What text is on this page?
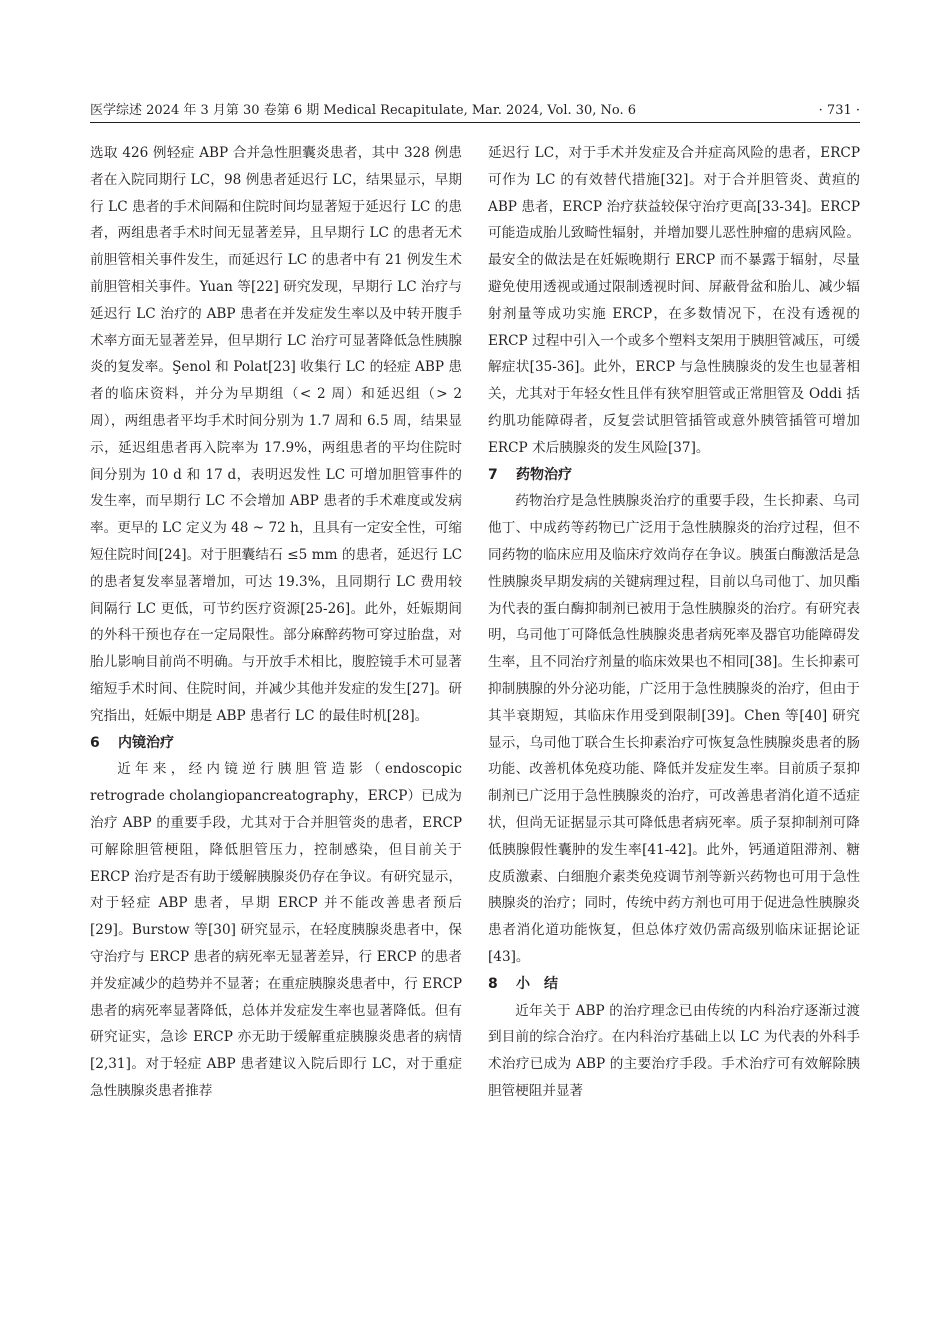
医学综述 2024 年 3 月第 30 卷第 6 期 Medical Recapitulate, Mar. 2024, Vol. 30, No. 6	· 731 ·

选取 426 例轻症 ABP 合并急性胆囊炎患者，其中 328 例患者在入院同期行 LC，98 例患者延迟行 LC，结果显示，早期行 LC 患者的手术间隔和住院时间均显著短于延迟行 LC 的患者，两组患者手术时间无显著差异，且早期行 LC 的患者无术前胆管相关事件发生，而延迟行 LC 的患者中有 21 例发生术前胆管相关事件。Yuan 等[22] 研究发现，早期行 LC 治疗与延迟行 LC 治疗的 ABP 患者在并发症发生率以及中转开腹手术率方面无显著差异，但早期行 LC 治疗可显著降低急性胰腺炎的复发率。Şenol 和 Polat[23] 收集行 LC 的轻症 ABP 患者的临床资料，并分为早期组（< 2 周）和延迟组（> 2 周），两组患者平均手术时间分别为 1.7 周和 6.5 周，结果显示，延迟组患者再入院率为 17.9%，两组患者的平均住院时间分别为 10 d 和 17 d，表明迟发性 LC 可增加胆管事件的发生率，而早期行 LC 不会增加 ABP 患者的手术难度或发病率。更早的 LC 定义为 48 ~ 72 h，且具有一定安全性，可缩短住院时间[24]。对于胆囊结石 ≤5 mm 的患者，延迟行 LC 的患者复发率显著增加，可达 19.3%，且同期行 LC 费用较间隔行 LC 更低，可节约医疗资源[25-26]。此外，妊娠期间的外科干预也存在一定局限性。部分麻醉药物可穿过胎盘，对胎儿影响目前尚不明确。与开放手术相比，腹腔镜手术可显著缩短手术时间、住院时间，并减少其他并发症的发生[27]。研究指出，妊娠中期是 ABP 患者行 LC 的最佳时机[28]。

6 内镜治疗

近年来，经内镜逆行胰胆管造影（endoscopic retrograde cholangiopancreatography，ERCP）已成为治疗 ABP 的重要手段，尤其对于合并胆管炎的患者，ERCP 可解除胆管梗阻，降低胆管压力，控制感染，但目前关于 ERCP 治疗是否有助于缓解胰腺炎仍存在争议。有研究显示，对于轻症 ABP 患者，早期 ERCP 并不能改善患者预后[29]。Burstow 等[30] 研究显示，在轻度胰腺炎患者中，保守治疗与 ERCP 患者的病死率无显著差异，行 ERCP 的患者并发症减少的趋势并不显著；在重症胰腺炎患者中，行 ERCP 患者的病死率显著降低，总体并发症发生率也显著降低。但有研究证实，急诊 ERCP 亦无助于缓解重症胰腺炎患者的病情[2,31]。对于轻症 ABP 患者建议入院后即行 LC，对于重症急性胰腺炎患者推荐

延迟行 LC，对于手术并发症及合并症高风险的患者，ERCP 可作为 LC 的有效替代措施[32]。对于合并胆管炎、黄疸的 ABP 患者，ERCP 治疗获益较保守治疗更高[33-34]。ERCP 可能造成胎儿致畸性辐射，并增加婴儿恶性肿瘤的患病风险。最安全的做法是在妊娠晚期行 ERCP 而不暴露于辐射，尽量避免使用透视或通过限制透视时间、屏蔽骨盆和胎儿、减少辐射剂量等成功实施 ERCP，在多数情况下，在没有透视的 ERCP 过程中引入一个或多个塑料支架用于胰胆管减压，可缓解症状[35-36]。此外，ERCP 与急性胰腺炎的发生也显著相关，尤其对于年轻女性且伴有狭窄胆管或正常胆管及 Oddi 括约肌功能障碍者，反复尝试胆管插管或意外胰管插管可增加 ERCP 术后胰腺炎的发生风险[37]。

7 药物治疗

药物治疗是急性胰腺炎治疗的重要手段，生长抑素、乌司他丁、中成药等药物已广泛用于急性胰腺炎的治疗过程，但不同药物的临床应用及临床疗效尚存在争议。胰蛋白酶激活是急性胰腺炎早期发病的关键病理过程，目前以乌司他丁、加贝酯为代表的蛋白酶抑制剂已被用于急性胰腺炎的治疗。有研究表明，乌司他丁可降低急性胰腺炎患者病死率及器官功能障碍发生率，且不同治疗剂量的临床效果也不相同[38]。生长抑素可抑制胰腺的外分泌功能，广泛用于急性胰腺炎的治疗，但由于其半衰期短，其临床作用受到限制[39]。Chen 等[40] 研究显示，乌司他丁联合生长抑素治疗可恢复急性胰腺炎患者的肠功能、改善机体免疫功能、降低并发症发生率。目前质子泵抑制剂已广泛用于急性胰腺炎的治疗，可改善患者消化道不适症状，但尚无证据显示其可降低患者病死率。质子泵抑制剂可降低胰腺假性囊肿的发生率[41-42]。此外，钙通道阻滞剂、糖皮质激素、白细胞介素类免疫调节剂等新兴药物也可用于急性胰腺炎的治疗；同时，传统中药方剂也可用于促进急性胰腺炎患者消化道功能恢复，但总体疗效仍需高级别临床证据论证[43]。

8 小　结

近年关于 ABP 的治疗理念已由传统的内科治疗逐渐过渡到目前的综合治疗。在内科治疗基础上以 LC 为代表的外科手术治疗已成为 ABP 的主要治疗手段。手术治疗可有效解除胰胆管梗阻并显著
